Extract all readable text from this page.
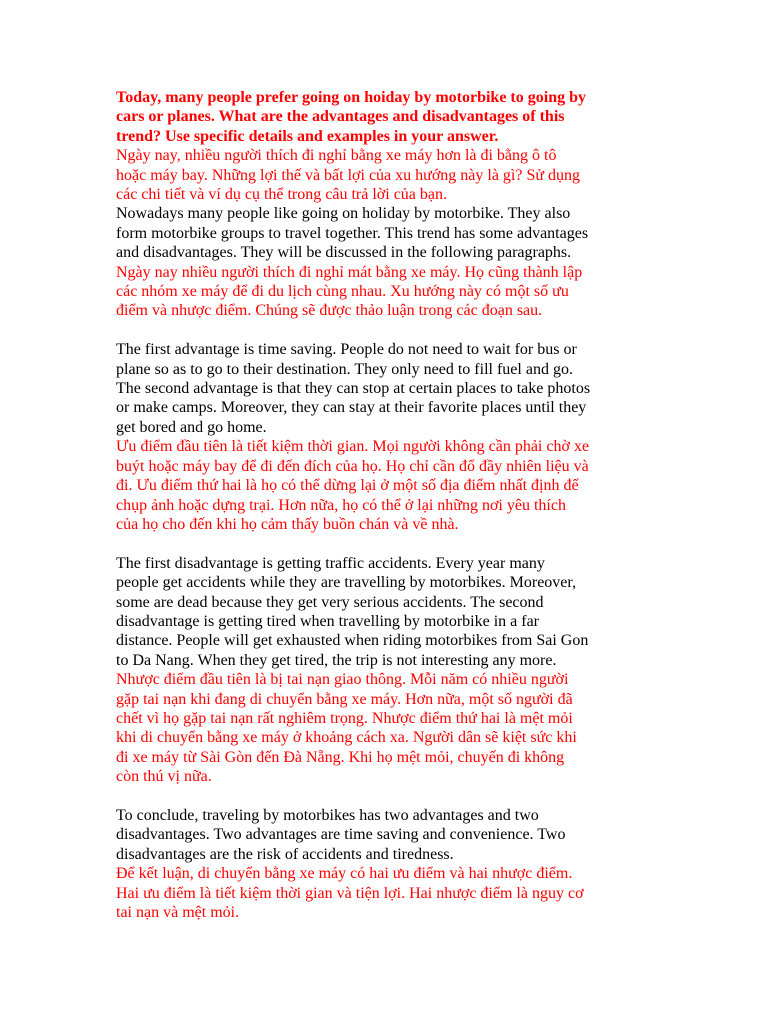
Today, many people prefer going on hoiday by motorbike to going by
cars or planes. What are the advantages and disadvantages of this
trend? Use specific details and examples in your answer.

Ngày nay, nhiều người thích đi nghỉ bằng xe máy hơn là đi bằng ô tô
hoặc máy bay. Những lợi thế và bất lợi của xu hướng này là gì? Sử dụng
các chi tiết và ví dụ cụ thể trong câu trả lời của bạn.

Nowadays many people like going on holiday by motorbike. They also
form motorbike groups to travel together. This trend has some advantages
and disadvantages. They will be discussed in the following paragraphs.

Ngày nay nhiều người thích đi nghỉ mát bằng xe máy. Họ cũng thành lập
các nhóm xe máy để đi du lịch cùng nhau. Xu hướng này có một số ưu
điểm và nhược điểm. Chúng sẽ được thảo luận trong các đoạn sau.

The first advantage is time saving. People do not need to wait for bus or
plane so as to go to their destination. They only need to fill fuel and go.
The second advantage is that they can stop at certain places to take photos
or make camps. Moreover, they can stay at their favorite places until they
get bored and go home.

Ưu điểm đầu tiên là tiết kiệm thời gian. Mọi người không cần phải chờ xe
buýt hoặc máy bay để đi đến đích của họ. Họ chỉ cần đổ đầy nhiên liệu và
đi. Ưu điểm thứ hai là họ có thể dừng lại ở một số địa điểm nhất định để
chụp ảnh hoặc dựng trại. Hơn nữa, họ có thể ở lại những nơi yêu thích
của họ cho đến khi họ cảm thấy buồn chán và về nhà.

The first disadvantage is getting traffic accidents. Every year many
people get accidents while they are travelling by motorbikes. Moreover,
some are dead because they get very serious accidents. The second
disadvantage is getting tired when travelling by motorbike in a far
distance. People will get exhausted when riding motorbikes from Sai Gon
to Da Nang. When they get tired, the trip is not interesting any more.

Nhược điểm đầu tiên là bị tai nạn giao thông. Mỗi năm có nhiều người
gặp tai nạn khi đang di chuyển bằng xe máy. Hơn nữa, một số người đã
chết vì họ gặp tai nạn rất nghiêm trọng. Nhược điểm thứ hai là mệt mỏi
khi di chuyển bằng xe máy ở khoảng cách xa. Người dân sẽ kiệt sức khi
đi xe máy từ Sài Gòn đến Đà Nẵng. Khi họ mệt mỏi, chuyến đi không
còn thú vị nữa.

To conclude, traveling by motorbikes has two advantages and two
disadvantages. Two advantages are time saving and convenience. Two
disadvantages are the risk of accidents and tiredness.

Để kết luận, di chuyển bằng xe máy có hai ưu điểm và hai nhược điểm.
Hai ưu điểm là tiết kiệm thời gian và tiện lợi. Hai nhược điểm là nguy cơ
tai nạn và mệt mỏi.
